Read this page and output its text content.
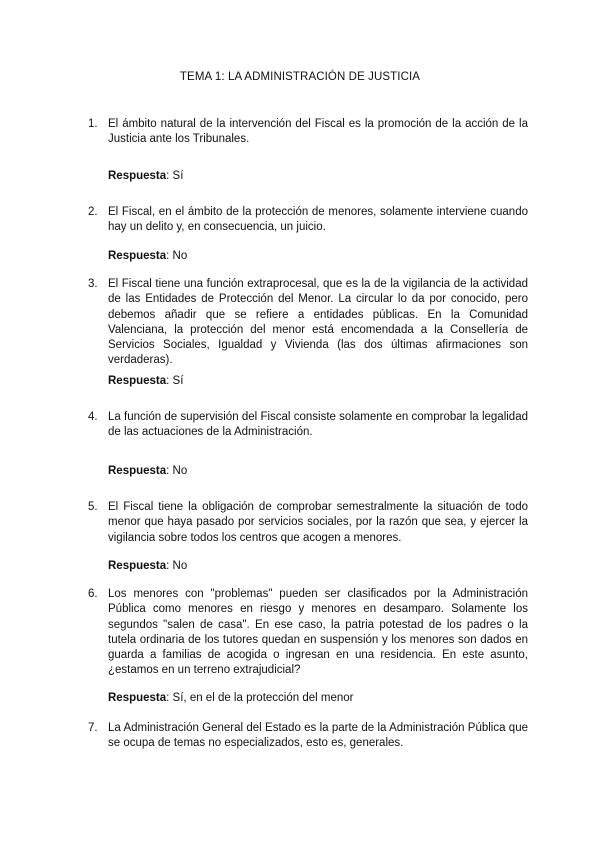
TEMA 1: LA ADMINISTRACIÓN DE JUSTICIA
1. El ámbito natural de la intervención del Fiscal es la promoción de la acción de la Justicia ante los Tribunales.
Respuesta: Sí
2. El Fiscal, en el ámbito de la protección de menores, solamente interviene cuando hay un delito y, en consecuencia, un juicio.
Respuesta: No
3. El Fiscal tiene una función extraprocesal, que es la de la vigilancia de la actividad de las Entidades de Protección del Menor. La circular lo da por conocido, pero debemos añadir que se refiere a entidades públicas. En la Comunidad Valenciana, la protección del menor está encomendada a la Consellería de Servicios Sociales, Igualdad y Vivienda (las dos últimas afirmaciones son verdaderas).
Respuesta: Sí
4. La función de supervisión del Fiscal consiste solamente en comprobar la legalidad de las actuaciones de la Administración.
Respuesta: No
5. El Fiscal tiene la obligación de comprobar semestralmente la situación de todo menor que haya pasado por servicios sociales, por la razón que sea, y ejercer la vigilancia sobre todos los centros que acogen a menores.
Respuesta: No
6. Los menores con "problemas" pueden ser clasificados por la Administración Pública como menores en riesgo y menores en desamparo. Solamente los segundos "salen de casa". En ese caso, la patria potestad de los padres o la tutela ordinaria de los tutores quedan en suspensión y los menores son dados en guarda a familias de acogida o ingresan en una residencia. En este asunto, ¿estamos en un terreno extrajudicial?
Respuesta: Sí, en el de la protección del menor
7. La Administración General del Estado es la parte de la Administración Pública que se ocupa de temas no especializados, esto es, generales.
